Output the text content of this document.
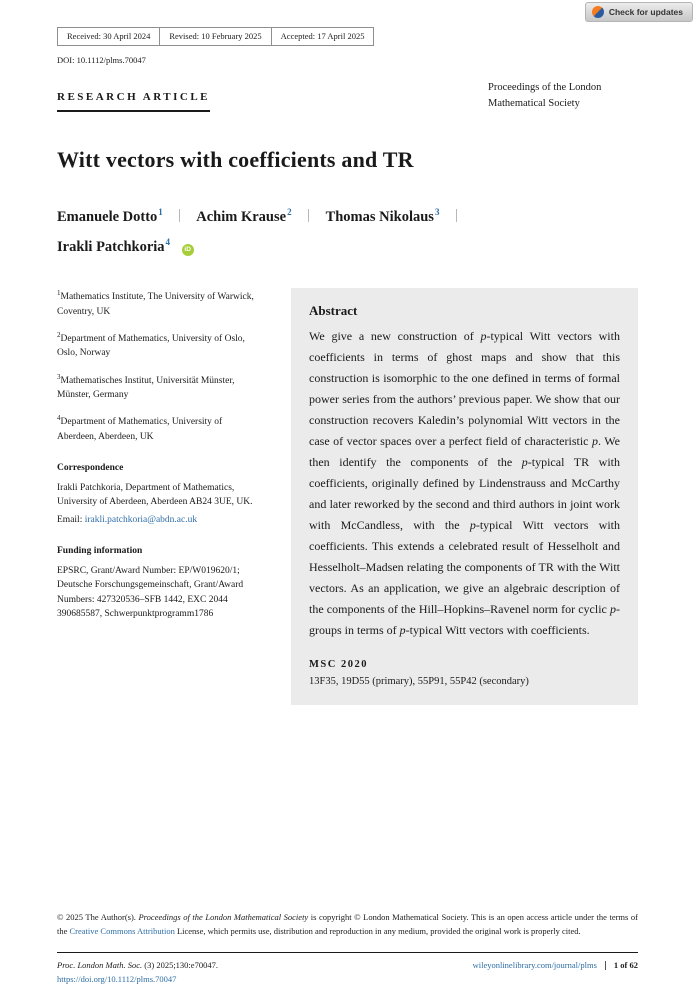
Check for updates
Received: 30 April 2024	Revised: 10 February 2025	Accepted: 17 April 2025
DOI: 10.1112/plms.70047
RESEARCH ARTICLE
Proceedings of the London
Mathematical Society
Witt vectors with coefficients and TR
Emanuele Dotto$^1$ Achim Krause$^2$ Thomas Nikolaus$^3$
Irakli Patchkoria$^4$ iD
$^1$Mathematics Institute, The University of Warwick, Coventry, UK
$^2$Department of Mathematics, University of Oslo, Oslo, Norway
$^3$Mathematisches Institut, Universität Münster, Münster, Germany
$^4$Department of Mathematics, University of Aberdeen, Aberdeen, UK
Correspondence

Irakli Patchkoria, Department of Mathematics, University of Aberdeen, Aberdeen AB24 3UE, UK.

Email: irakli.patchkoria@abdn.ac.uk

Funding information

EPSRC, Grant/Award Number: EP/W019620/1; Deutsche Forschungsgemeinschaft, Grant/Award Numbers: 427320536–SFB 1442, EXC 2044 390685587, Schwerpunktprogramm1786

Abstract

We give a new construction of p-typical Witt vectors with coefficients in terms of ghost maps and show that this construction is isomorphic to the one defined in terms of formal power series from the authors’ previous paper. We show that our construction recovers Kaledin’s polynomial Witt vectors in the case of vector spaces over a perfect field of characteristic p. We then identify the components of the p-typical TR with coefficients, originally defined by Lindenstrauss and McCarthy and later reworked by the second and third authors in joint work with McCandless, with the p-typical Witt vectors with coefficients. This extends a celebrated result of Hesselholt and Hesselholt–Madsen relating the components of TR with the Witt vectors. As an application, we give an algebraic description of the components of the Hill–Hopkins–Ravenel norm for cyclic p-groups in terms of p-typical Witt vectors with coefficients.

MSC 2020
13F35, 19D55 (primary), 55P91, 55P42 (secondary)

© 2025 The Author(s). Proceedings of the London Mathematical Society is copyright © London Mathematical Society. This is an open access article under the terms of the Creative Commons Attribution License, which permits use, distribution and reproduction in any medium, provided the original work is properly cited.

Proc. London Math. Soc. (3) 2025;130:e70047.	wileyonlinelibrary.com/journal/plms 1 of 62
https://doi.org/10.1112/plms.70047
